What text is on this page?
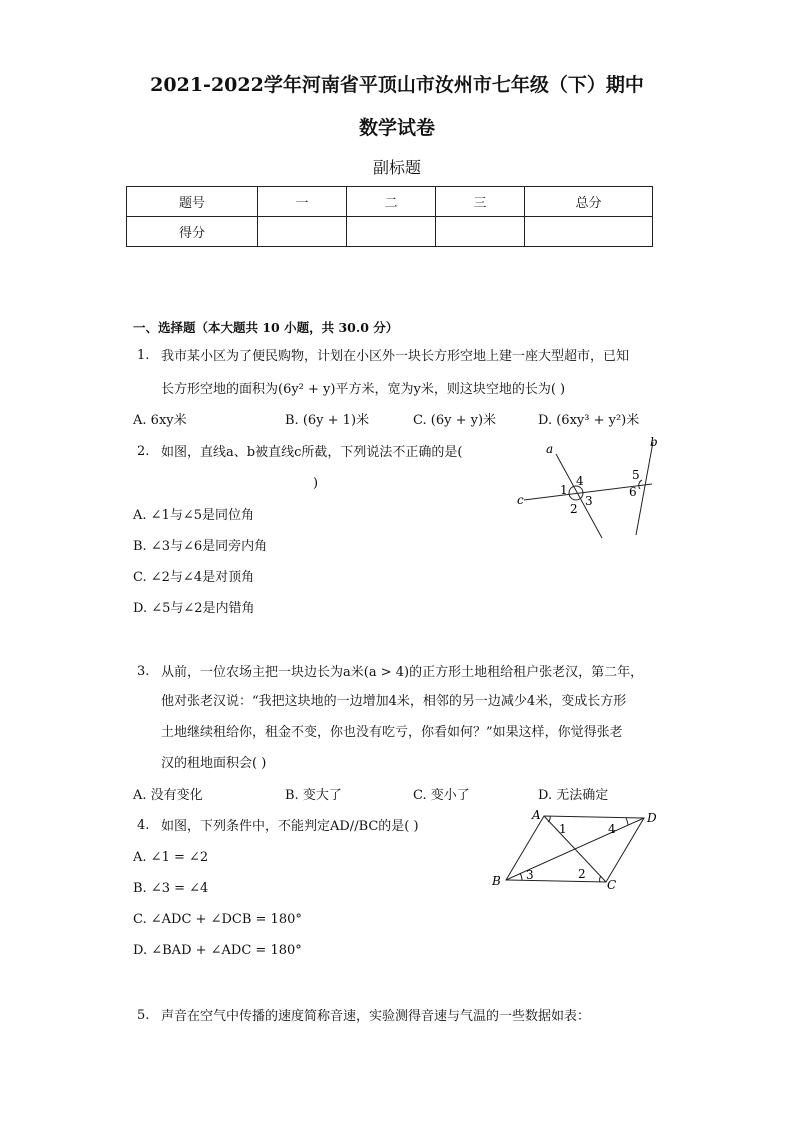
2021-2022学年河南省平顶山市汝州市七年级（下）期中
数学试卷
副标题
题号	一	二	三	总分
得分				
一、选择题（本大题共 10 小题，共 30.0 分）
1. 我市某小区为了便民购物，计划在小区外一块长方形空地上建一座大型超市，已知
长方形空地的面积为(6y² + y)平方米，宽为y米，则这块空地的长为( )
A. 6xy米	B. (6y + 1)米	C. (6y + y)米	D. (6xy³ + y²)米
2. 如图，直线a、b被直线c所截，下列说法不正确的是(
)
A. ∠1与∠5是同位角
B. ∠3与∠6是同旁内角
C. ∠2与∠4是对顶角
D. ∠5与∠2是内错角
a	b
c
1
4
2
3
5
6
3. 从前，一位农场主把一块边长为a米(a > 4)的正方形土地租给租户张老汉，第二年，
他对张老汉说：“我把这块地的一边增加4米，相邻的另一边减少4米，变成长方形
土地继续租给你，租金不变，你也没有吃亏，你看如何？”如果这样，你觉得张老
汉的租地面积会( )
A. 没有变化	B. 变大了	C. 变小了	D. 无法确定
4. 如图，下列条件中，不能判定AD//BC的是( )
A. ∠1 = ∠2
B. ∠3 = ∠4
C. ∠ADC + ∠DCB = 180°
D. ∠BAD + ∠ADC = 180°
A	D
B	C
1	4
3	2
5. 声音在空气中传播的速度简称音速，实验测得音速与气温的一些数据如表：
